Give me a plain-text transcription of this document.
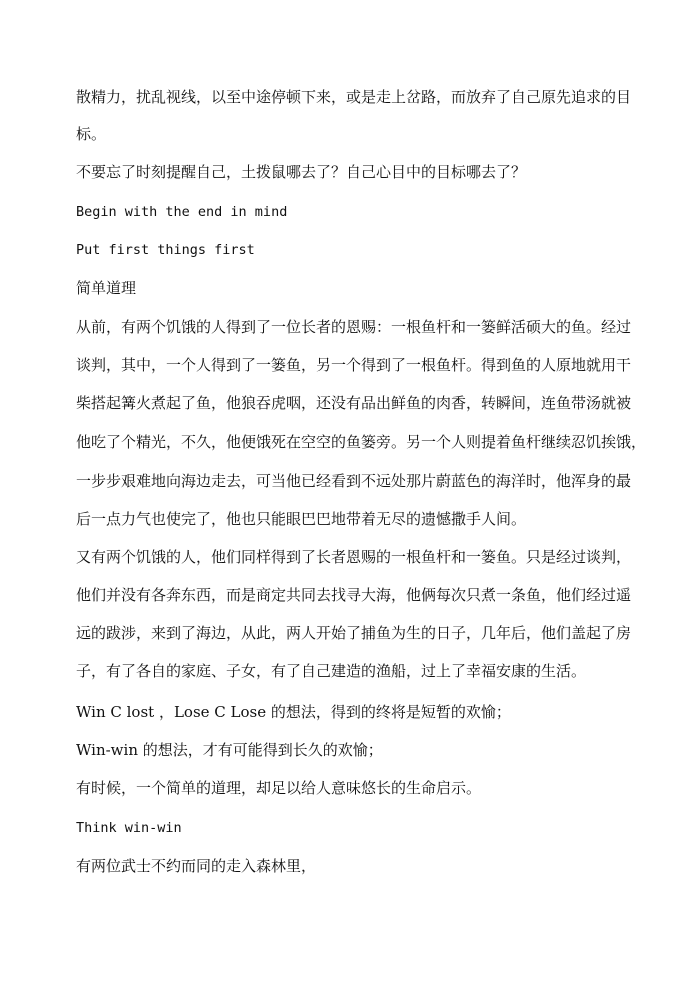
散精力，扰乱视线，以至中途停顿下来，或是走上岔路，而放弃了自己原先追求的目
标。
不要忘了时刻提醒自己，土拨鼠哪去了？自己心目中的目标哪去了？
Begin with the end in mind
Put first things first
简单道理
从前，有两个饥饿的人得到了一位长者的恩赐：一根鱼杆和一篓鲜活硕大的鱼。经过
谈判，其中，一个人得到了一篓鱼，另一个得到了一根鱼杆。得到鱼的人原地就用干
柴搭起篝火煮起了鱼，他狼吞虎咽，还没有品出鲜鱼的肉香，转瞬间，连鱼带汤就被
他吃了个精光，不久，他便饿死在空空的鱼篓旁。另一个人则提着鱼杆继续忍饥挨饿，
一步步艰难地向海边走去，可当他已经看到不远处那片蔚蓝色的海洋时，他浑身的最
后一点力气也使完了，他也只能眼巴巴地带着无尽的遗憾撒手人间。
又有两个饥饿的人，他们同样得到了长者恩赐的一根鱼杆和一篓鱼。只是经过谈判，
他们并没有各奔东西，而是商定共同去找寻大海，他俩每次只煮一条鱼，他们经过遥
远的跋涉，来到了海边，从此，两人开始了捕鱼为生的日子，几年后，他们盖起了房
子，有了各自的家庭、子女，有了自己建造的渔船，过上了幸福安康的生活。
Win C lost ，Lose C Lose 的想法，得到的终将是短暂的欢愉；
Win-win 的想法，才有可能得到长久的欢愉；
有时候，一个简单的道理，却足以给人意味悠长的生命启示。
Think win-win
有两位武士不约而同的走入森林里，
